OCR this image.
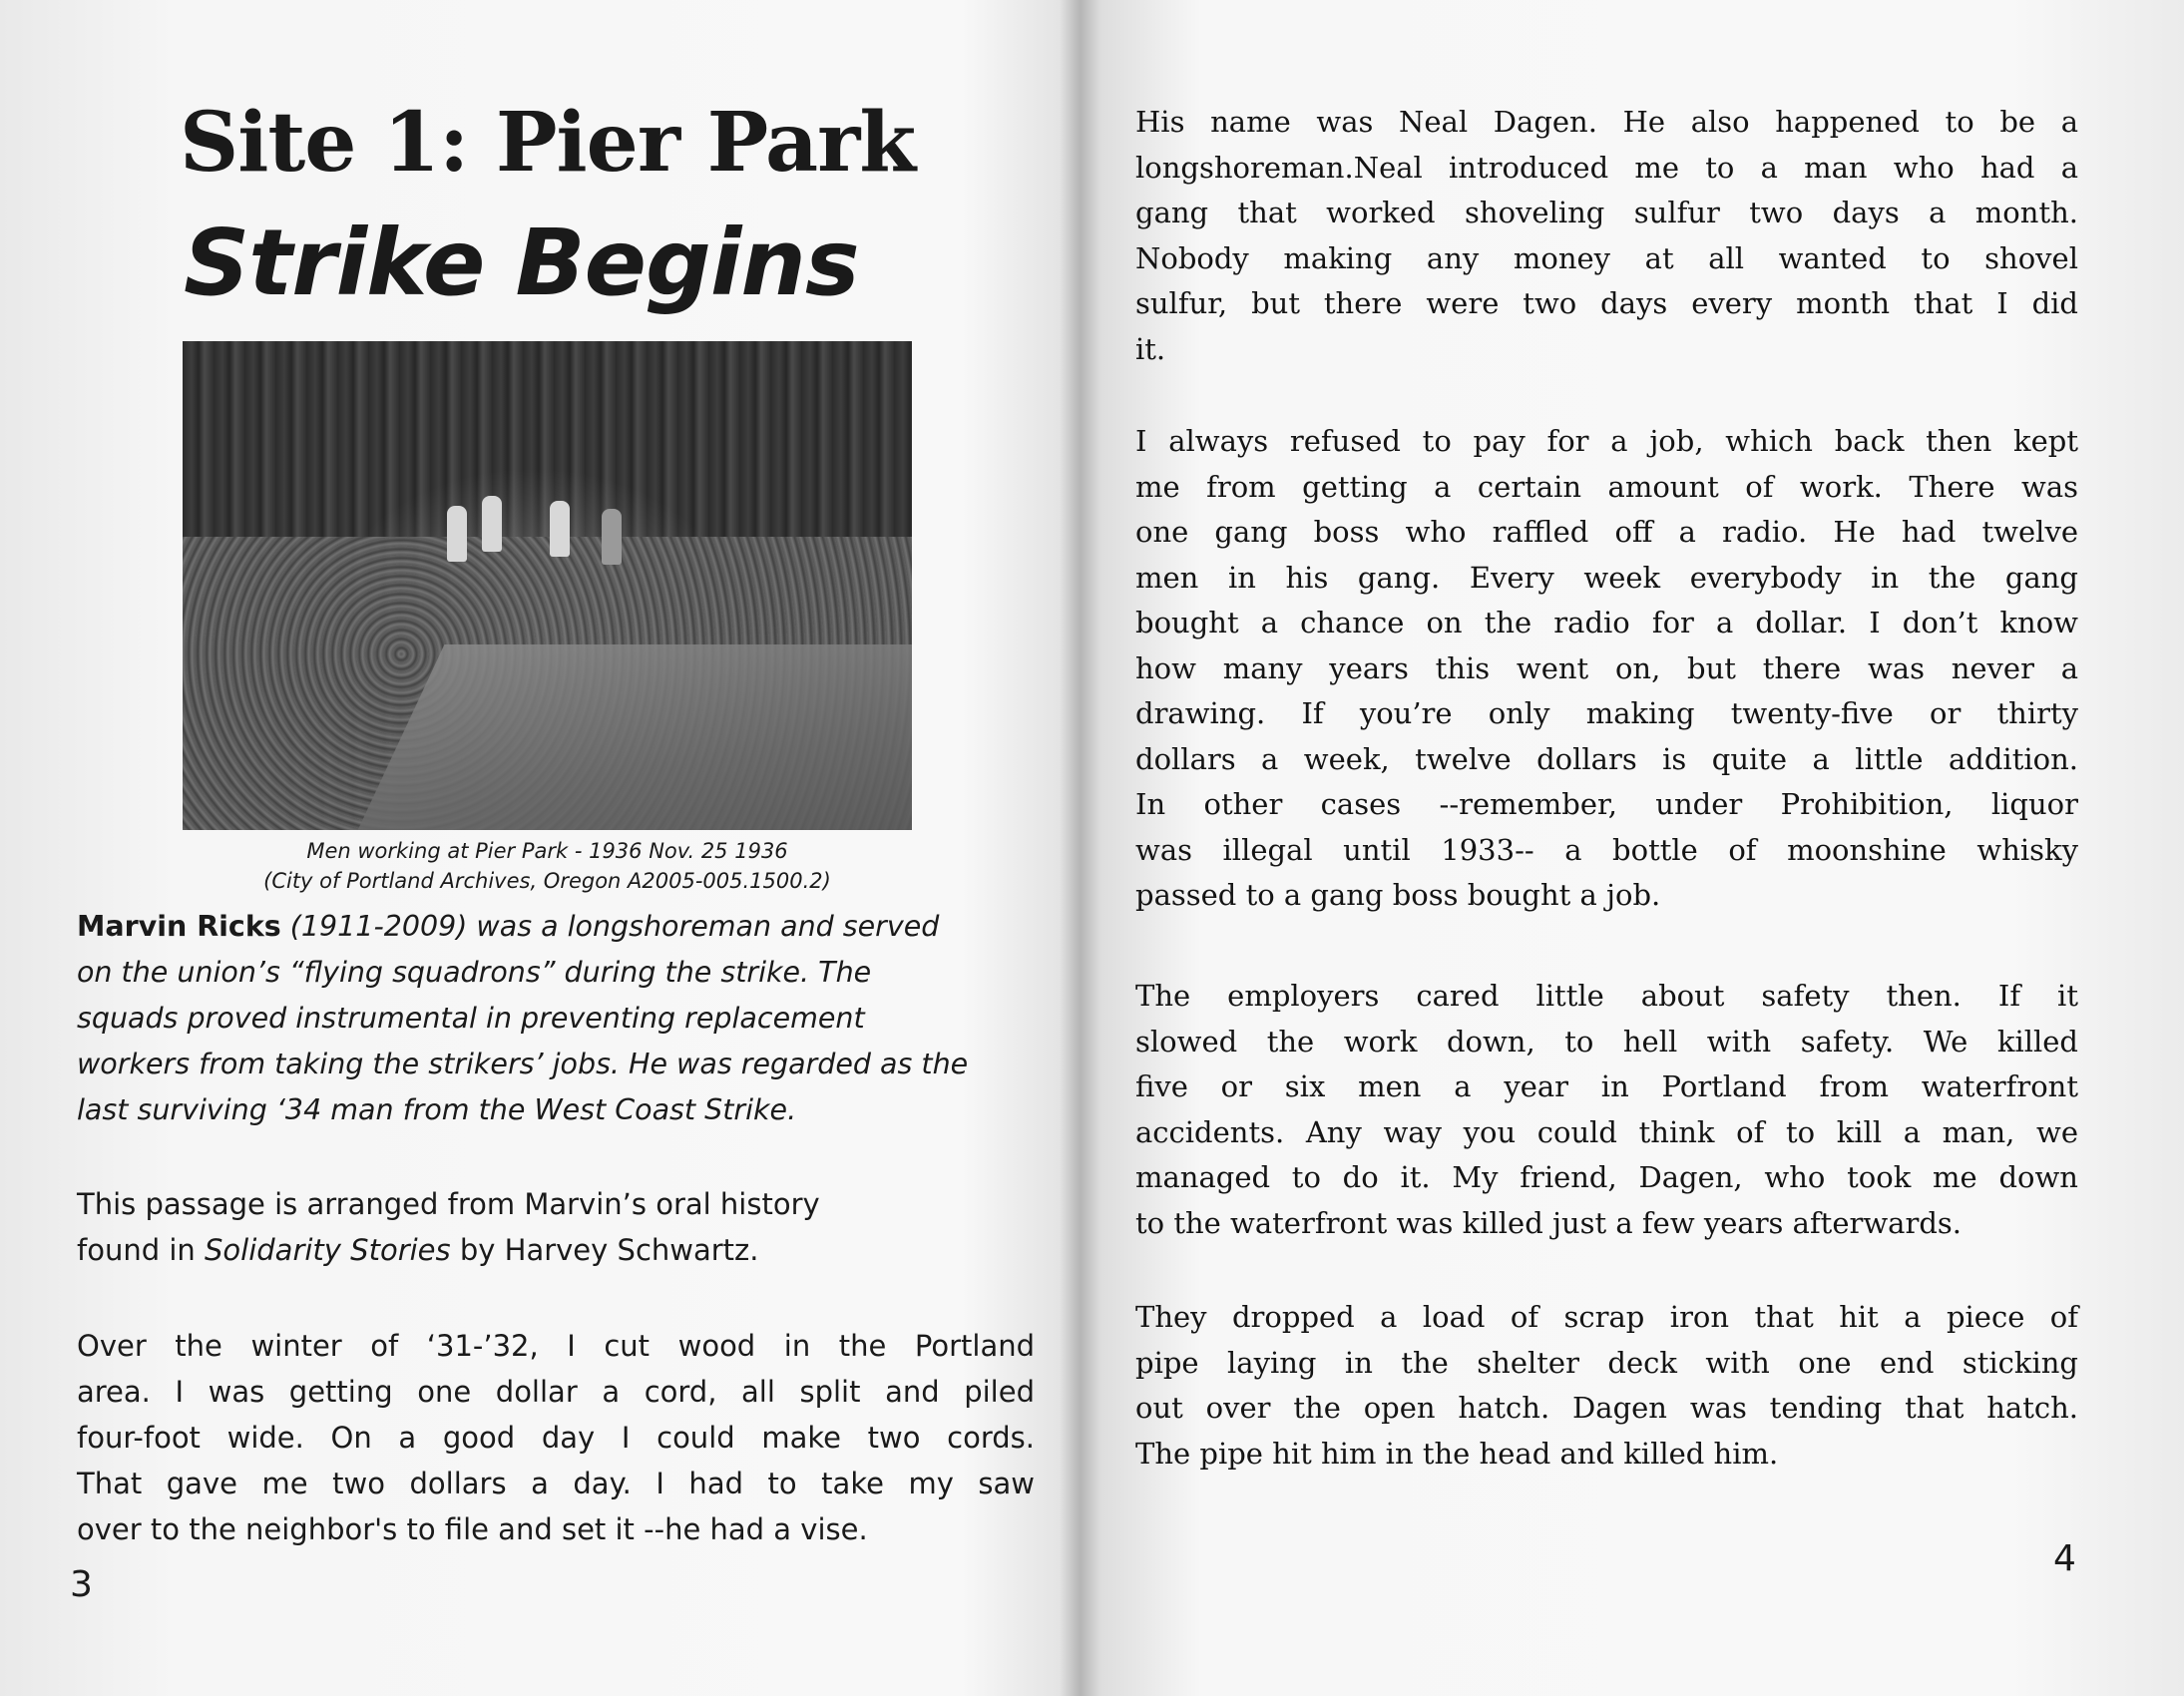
Site 1: Pier Park
Strike Begins
Men working at Pier Park - 1936 Nov. 25 1936
(City of Portland Archives, Oregon A2005-005.1500.2)

Marvin Ricks (1911-2009) was a longshoreman and served
on the union’s “flying squadrons” during the strike. The
squads proved instrumental in preventing replacement
workers from taking the strikers’ jobs. He was regarded as the
last surviving ‘34 man from the West Coast Strike.

This passage is arranged from Marvin’s oral history
found in Solidarity Stories by Harvey Schwartz.

Over the winter of ‘31-’32, I cut wood in the Portland
area. I was getting one dollar a cord, all split and piled
four-foot wide. On a good day I could make two cords.
That gave me two dollars a day. I had to take my saw
over to the neighbor's to file and set it --he had a vise.

3

His name was Neal Dagen. He also happened to be a
longshoreman.Neal introduced me to a man who had a
gang that worked shoveling sulfur two days a month.
Nobody making any money at all wanted to shovel
sulfur, but there were two days every month that I did
it.

I always refused to pay for a job, which back then kept
me from getting a certain amount of work. There was
one gang boss who raffled off a radio. He had twelve
men in his gang. Every week everybody in the gang
bought a chance on the radio for a dollar. I don’t know
how many years this went on, but there was never a
drawing. If you’re only making twenty-five or thirty
dollars a week, twelve dollars is quite a little addition.
In other cases --remember, under Prohibition, liquor
was illegal until 1933-- a bottle of moonshine whisky
passed to a gang boss bought a job.

The employers cared little about safety then. If it
slowed the work down, to hell with safety. We killed
five or six men a year in Portland from waterfront
accidents. Any way you could think of to kill a man, we
managed to do it. My friend, Dagen, who took me down
to the waterfront was killed just a few years afterwards.

They dropped a load of scrap iron that hit a piece of
pipe laying in the shelter deck with one end sticking
out over the open hatch. Dagen was tending that hatch.
The pipe hit him in the head and killed him.

4
